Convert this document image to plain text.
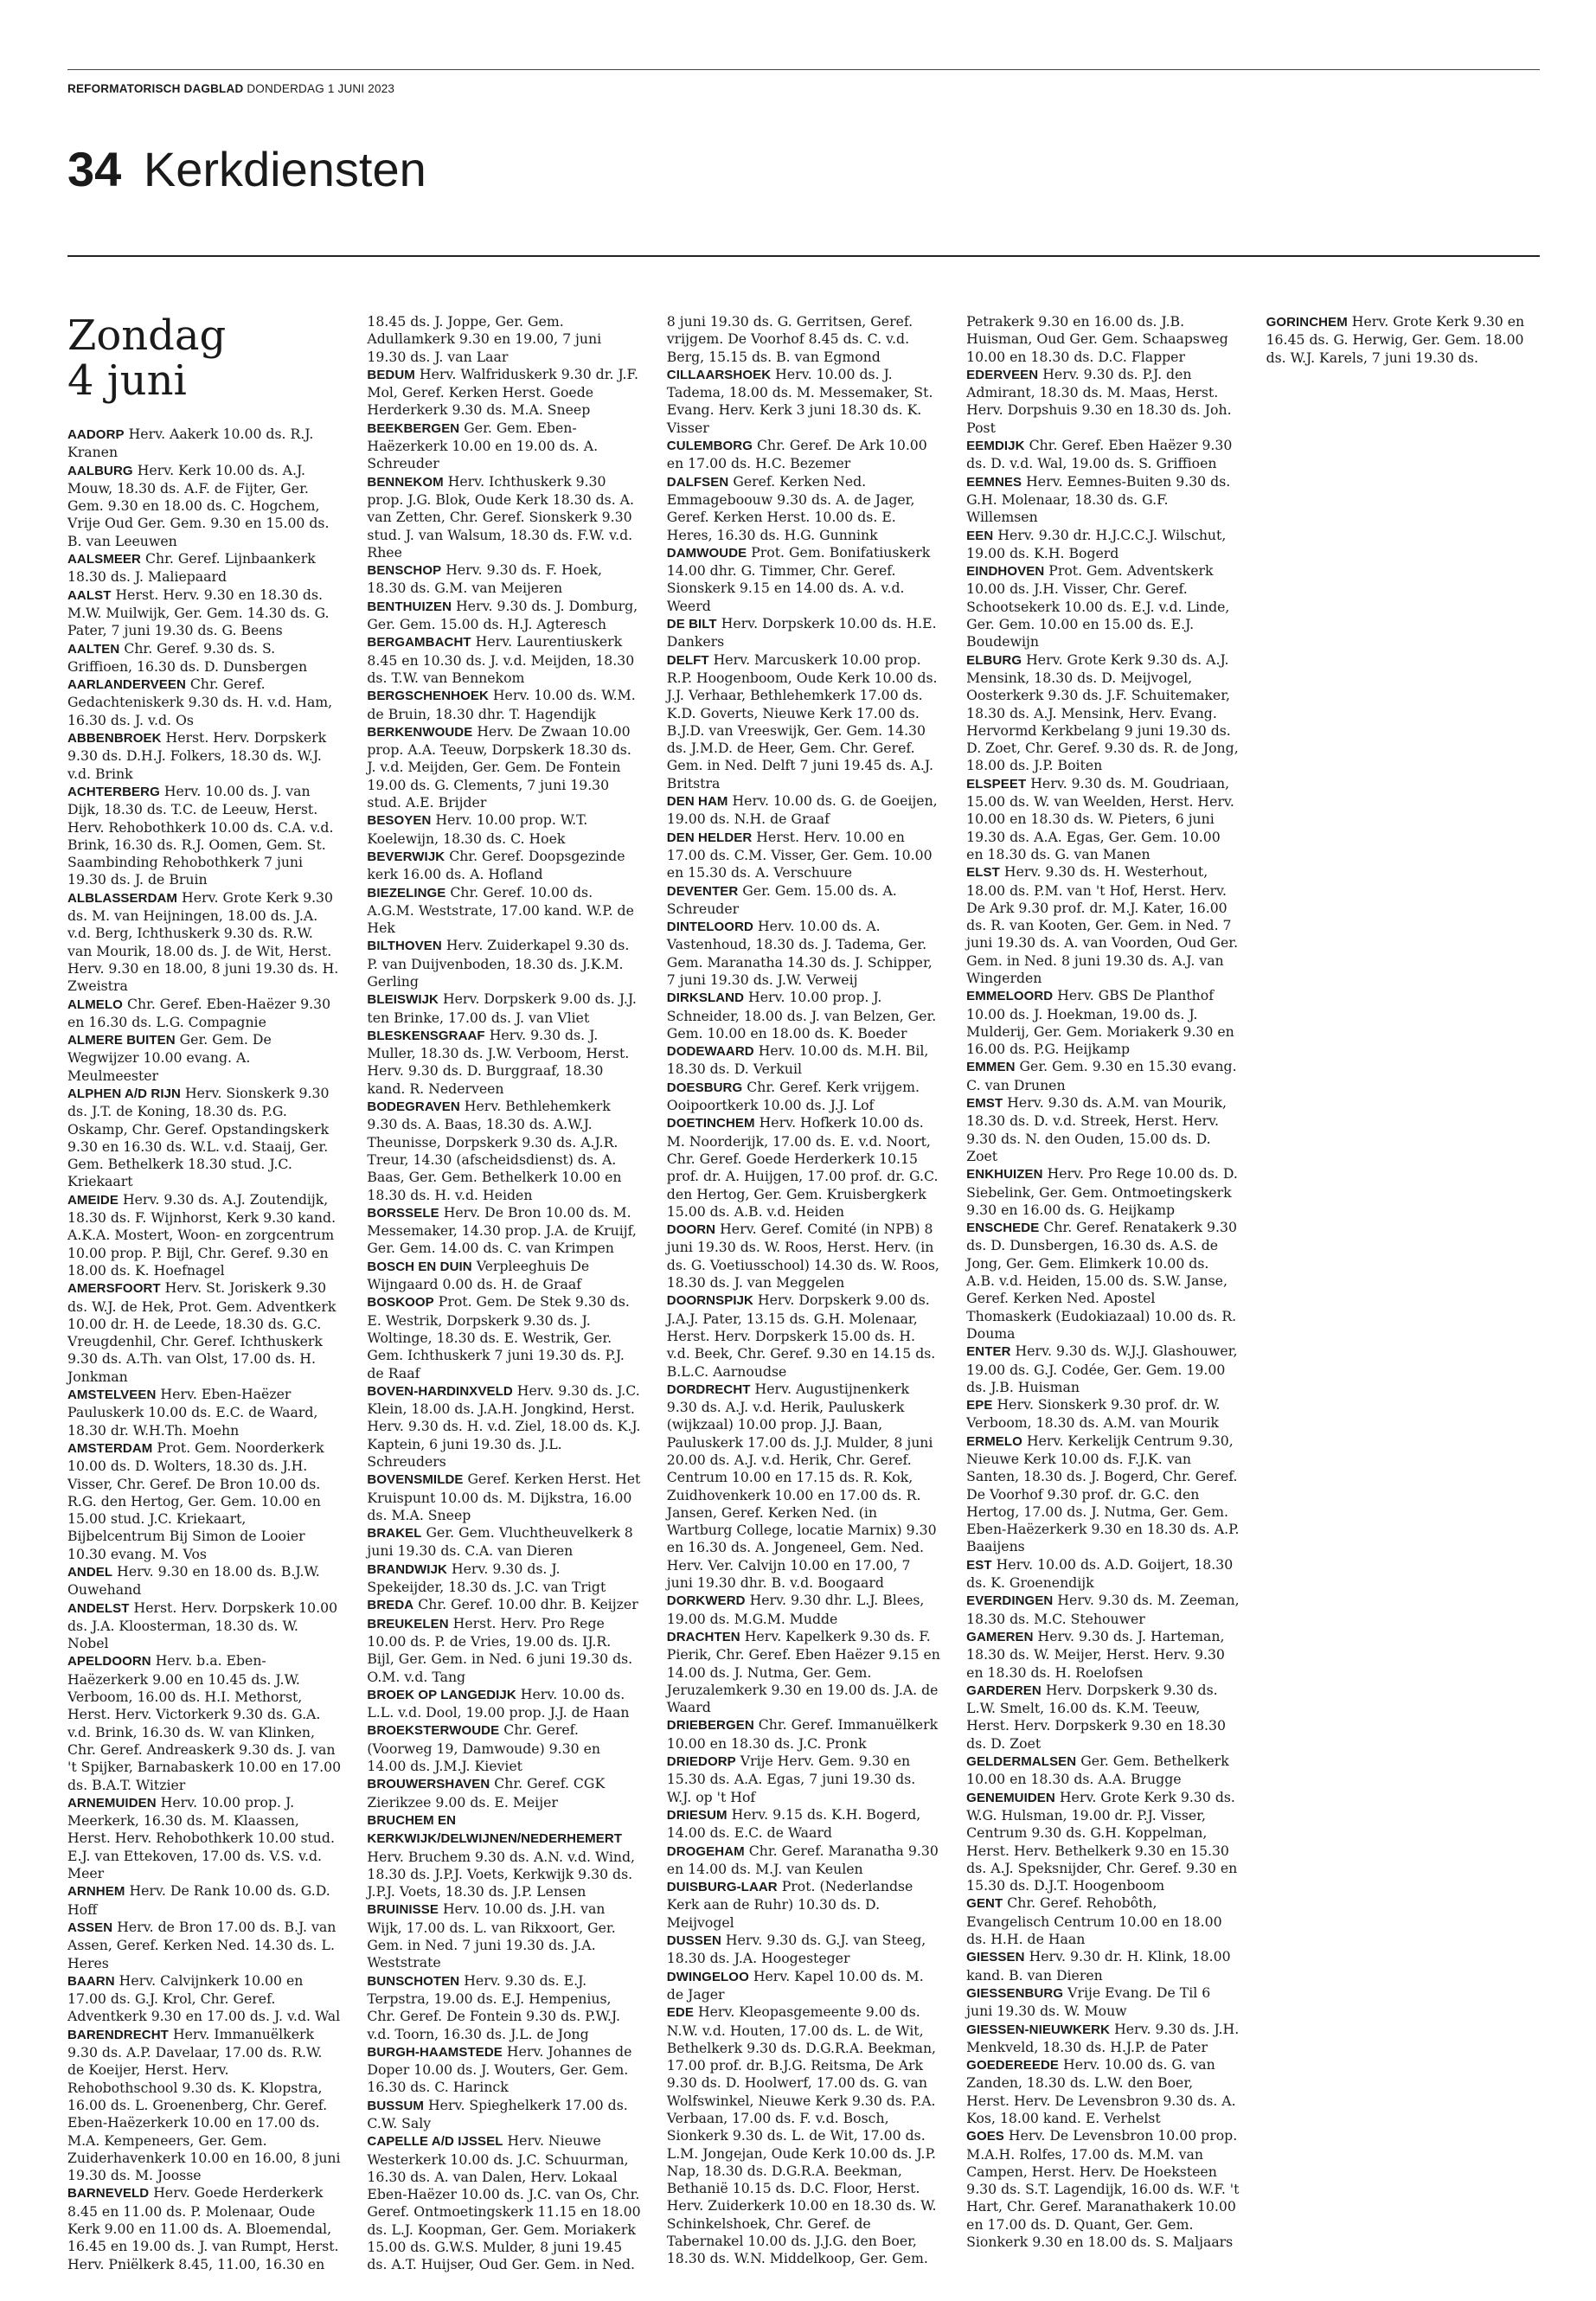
REFORMATORISCH DAGBLAD DONDERDAG 1 JUNI 2023
34 Kerkdiensten
Zondag
4 juni

AADORP Herv. Aakerk 10.00 ds. R.J. Kranen

AALBURG Herv. Kerk 10.00 ds. A.J. Mouw, 18.30 ds. A.F. de Fijter, Ger. Gem. 9.30 en 18.00 ds. C. Hogchem, Vrije Oud Ger. Gem. 9.30 en 15.00 ds. B. van Leeuwen

AALSMEER Chr. Geref. Lijnbaankerk 18.30 ds. J. Maliepaard

AALST Herst. Herv. 9.30 en 18.30 ds. M.W. Muilwijk, Ger. Gem. 14.30 ds. G. Pater, 7 juni 19.30 ds. G. Beens

AALTEN Chr. Geref. 9.30 ds. S. Griffioen, 16.30 ds. D. Dunsbergen

AARLANDERVEEN Chr. Geref. Gedachteniskerk 9.30 ds. H. v.d. Ham, 16.30 ds. J. v.d. Os

ABBENBROEK Herst. Herv. Dorpskerk 9.30 ds. D.H.J. Folkers, 18.30 ds. W.J. v.d. Brink

ACHTERBERG Herv. 10.00 ds. J. van Dijk, 18.30 ds. T.C. de Leeuw, Herst. Herv. Rehobothkerk 10.00 ds. C.A. v.d. Brink, 16.30 ds. R.J. Oomen, Gem. St. Saambinding Rehobothkerk 7 juni 19.30 ds. J. de Bruin

ALBLASSERDAM Herv. Grote Kerk 9.30 ds. M. van Heijningen, 18.00 ds. J.A. v.d. Berg, Ichthuskerk 9.30 ds. R.W. van Mourik, 18.00 ds. J. de Wit, Herst. Herv. 9.30 en 18.00, 8 juni 19.30 ds. H. Zweistra

ALMELO Chr. Geref. Eben-Haëzer 9.30 en 16.30 ds. L.G. Compagnie

ALMERE BUITEN Ger. Gem. De Wegwijzer 10.00 evang. A. Meulmeester

ALPHEN A/D RIJN Herv. Sionskerk 9.30 ds. J.T. de Koning, 18.30 ds. P.G. Oskamp, Chr. Geref. Opstandingskerk 9.30 en 16.30 ds. W.L. v.d. Staaij, Ger. Gem. Bethelkerk 18.30 stud. J.C. Kriekaart

AMEIDE Herv. 9.30 ds. A.J. Zoutendijk, 18.30 ds. F. Wijnhorst, Kerk 9.30 kand. A.K.A. Mostert, Woon- en zorgcentrum 10.00 prop. P. Bijl, Chr. Geref. 9.30 en 18.00 ds. K. Hoefnagel

AMERSFOORT Herv. St. Joriskerk 9.30 ds. W.J. de Hek, Prot. Gem. Adventkerk 10.00 dr. H. de Leede, 18.30 ds. G.C. Vreugdenhil, Chr. Geref. Ichthuskerk 9.30 ds. A.Th. van Olst, 17.00 ds. H. Jonkman

AMSTELVEEN Herv. Eben-Haëzer Pauluskerk 10.00 ds. E.C. de Waard, 18.30 dr. W.H.Th. Moehn

AMSTERDAM Prot. Gem. Noorderkerk 10.00 ds. D. Wolters, 18.30 ds. J.H. Visser, Chr. Geref. De Bron 10.00 ds. R.G. den Hertog, Ger. Gem. 10.00 en 15.00 stud. J.C. Kriekaart, Bijbelcentrum Bij Simon de Looier 10.30 evang. M. Vos

ANDEL Herv. 9.30 en 18.00 ds. B.J.W. Ouwehand

ANDELST Herst. Herv. Dorpskerk 10.00 ds. J.A. Kloosterman, 18.30 ds. W. Nobel

APELDOORN Herv. b.a. Eben-Haëzerkerk 9.00 en 10.45 ds. J.W. Verboom, 16.00 ds. H.I. Methorst, Herst. Herv. Victorkerk 9.30 ds. G.A. v.d. Brink, 16.30 ds. W. van Klinken, Chr. Geref. Andreaskerk 9.30 ds. J. van 't Spijker, Barnabaskerk 10.00 en 17.00 ds. B.A.T. Witzier

ARNEMUIDEN Herv. 10.00 prop. J. Meerkerk, 16.30 ds. M. Klaassen, Herst. Herv. Rehobothkerk 10.00 stud. E.J. van Ettekoven, 17.00 ds. V.S. v.d. Meer

ARNHEM Herv. De Rank 10.00 ds. G.D. Hoff

ASSEN Herv. de Bron 17.00 ds. B.J. van Assen, Geref. Kerken Ned. 14.30 ds. L. Heres

BAARN Herv. Calvijnkerk 10.00 en 17.00 ds. G.J. Krol, Chr. Geref. Adventkerk 9.30 en 17.00 ds. J. v.d. Wal

BARENDRECHT Herv. Immanuëlkerk 9.30 ds. A.P. Davelaar, 17.00 ds. R.W. de Koeijer, Herst. Herv. Rehobothschool 9.30 ds. K. Klopstra, 16.00 ds. L. Groenenberg, Chr. Geref. Eben-Haëzerkerk 10.00 en 17.00 ds. M.A. Kempeneers, Ger. Gem. Zuiderhavenkerk 10.00 en 16.00, 8 juni 19.30 ds. M. Joosse

BARNEVELD Herv. Goede Herderkerk 8.45 en 11.00 ds. P. Molenaar, Oude Kerk 9.00 en 11.00 ds. A. Bloemendal, 16.45 en 19.00 ds. J. van Rumpt, Herst. Herv. Pniëlkerk 8.45, 11.00, 16.30 en 18.45 ds. J. Joppe, Ger. Gem. Adullamkerk 9.30 en 19.00, 7 juni 19.30 ds. J. van Laar

BEDUM Herv. Walfriduskerk 9.30 dr. J.F. Mol, Geref. Kerken Herst. Goede Herderkerk 9.30 ds. M.A. Sneep

BEEKBERGEN Ger. Gem. Eben-Haëzerkerk 10.00 en 19.00 ds. A. Schreuder

BENNEKOM Herv. Ichthuskerk 9.30 prop. J.G. Blok, Oude Kerk 18.30 ds. A. van Zetten, Chr. Geref. Sionskerk 9.30 stud. J. van Walsum, 18.30 ds. F.W. v.d. Rhee

BENSCHOP Herv. 9.30 ds. F. Hoek, 18.30 ds. G.M. van Meijeren

BENTHUIZEN Herv. 9.30 ds. J. Domburg, Ger. Gem. 15.00 ds. H.J. Agteresch

BERGAMBACHT Herv. Laurentiuskerk 8.45 en 10.30 ds. J. v.d. Meijden, 18.30 ds. T.W. van Bennekom

BERGSCHENHOEK Herv. 10.00 ds. W.M. de Bruin, 18.30 dhr. T. Hagendijk

BERKENWOUDE Herv. De Zwaan 10.00 prop. A.A. Teeuw, Dorpskerk 18.30 ds. J. v.d. Meijden, Ger. Gem. De Fontein 19.00 ds. G. Clements, 7 juni 19.30 stud. A.E. Brijder

BESOYEN Herv. 10.00 prop. W.T. Koelewijn, 18.30 ds. C. Hoek

BEVERWIJK Chr. Geref. Doopsgezinde kerk 16.00 ds. A. Hofland

BIEZELINGE Chr. Geref. 10.00 ds. A.G.M. Weststrate, 17.00 kand. W.P. de Hek

BILTHOVEN Herv. Zuiderkapel 9.30 ds. P. van Duijvenboden, 18.30 ds. J.K.M. Gerling

BLEISWIJK Herv. Dorpskerk 9.00 ds. J.J. ten Brinke, 17.00 ds. J. van Vliet

BLESKENSGRAAF Herv. 9.30 ds. J. Muller, 18.30 ds. J.W. Verboom, Herst. Herv. 9.30 ds. D. Burggraaf, 18.30 kand. R. Nederveen

BODEGRAVEN Herv. Bethlehemkerk 9.30 ds. A. Baas, 18.30 ds. A.W.J. Theunisse, Dorpskerk 9.30 ds. A.J.R. Treur, 14.30 (afscheidsdienst) ds. A. Baas, Ger. Gem. Bethelkerk 10.00 en 18.30 ds. H. v.d. Heiden

BORSSELE Herv. De Bron 10.00 ds. M. Messemaker, 14.30 prop. J.A. de Kruijf, Ger. Gem. 14.00 ds. C. van Krimpen

BOSCH EN DUIN Verpleeghuis De Wijngaard 0.00 ds. H. de Graaf

BOSKOOP Prot. Gem. De Stek 9.30 ds. E. Westrik, Dorpskerk 9.30 ds. J. Woltinge, 18.30 ds. E. Westrik, Ger. Gem. Ichthuskerk 7 juni 19.30 ds. P.J. de Raaf

BOVEN-HARDINXVELD Herv. 9.30 ds. J.C. Klein, 18.00 ds. J.A.H. Jongkind, Herst. Herv. 9.30 ds. H. v.d. Ziel, 18.00 ds. K.J. Kaptein, 6 juni 19.30 ds. J.L. Schreuders

BOVENSMILDE Geref. Kerken Herst. Het Kruispunt 10.00 ds. M. Dijkstra, 16.00 ds. M.A. Sneep

BRAKEL Ger. Gem. Vluchtheuvelkerk 8 juni 19.30 ds. C.A. van Dieren

BRANDWIJK Herv. 9.30 ds. J. Spekeijder, 18.30 ds. J.C. van Trigt

BREDA Chr. Geref. 10.00 dhr. B. Keijzer

BREUKELEN Herst. Herv. Pro Rege 10.00 ds. P. de Vries, 19.00 ds. IJ.R. Bijl, Ger. Gem. in Ned. 6 juni 19.30 ds. O.M. v.d. Tang

BROEK OP LANGEDIJK Herv. 10.00 ds. L.L. v.d. Dool, 19.00 prop. J.J. de Haan

BROEKSTERWOUDE Chr. Geref. (Voorweg 19, Damwoude) 9.30 en 14.00 ds. J.M.J. Kieviet

BROUWERSHAVEN Chr. Geref. CGK Zierikzee 9.00 ds. E. Meijer

BRUCHEM EN KERKWIJK/DELWIJNEN/NEDERHEMERT Herv. Bruchem 9.30 ds. A.N. v.d. Wind, 18.30 ds. J.P.J. Voets, Kerkwijk 9.30 ds. J.P.J. Voets, 18.30 ds. J.P. Lensen

BRUINISSE Herv. 10.00 ds. J.H. van Wijk, 17.00 ds. L. van Rikxoort, Ger. Gem. in Ned. 7 juni 19.30 ds. J.A. Weststrate

BUNSCHOTEN Herv. 9.30 ds. E.J. Terpstra, 19.00 ds. E.J. Hempenius, Chr. Geref. De Fontein 9.30 ds. P.W.J. v.d. Toorn, 16.30 ds. J.L. de Jong

BURGH-HAAMSTEDE Herv. Johannes de Doper 10.00 ds. J. Wouters, Ger. Gem. 16.30 ds. C. Harinck

BUSSUM Herv. Spieghelkerk 17.00 ds. C.W. Saly

CAPELLE A/D IJSSEL Herv. Nieuwe Westerkerk 10.00 ds. J.C. Schuurman, 16.30 ds. A. van Dalen, Herv. Lokaal Eben-Haëzer 10.00 ds. J.C. van Os, Chr. Geref. Ontmoetingskerk 11.15 en 18.00 ds. L.J. Koopman, Ger. Gem. Moriakerk 15.00 ds. G.W.S. Mulder, 8 juni 19.45 ds. A.T. Huijser, Oud Ger. Gem. in Ned. 8 juni 19.30 ds. G. Gerritsen, Geref. vrijgem. De Voorhof 8.45 ds. C. v.d. Berg, 15.15 ds. B. van Egmond

CILLAARSHOEK Herv. 10.00 ds. J. Tadema, 18.00 ds. M. Messemaker, St. Evang. Herv. Kerk 3 juni 18.30 ds. K. Visser

CULEMBORG Chr. Geref. De Ark 10.00 en 17.00 ds. H.C. Bezemer

DALFSEN Geref. Kerken Ned. Emmageboouw 9.30 ds. A. de Jager, Geref. Kerken Herst. 10.00 ds. E. Heres, 16.30 ds. H.G. Gunnink

DAMWOUDE Prot. Gem. Bonifatiuskerk 14.00 dhr. G. Timmer, Chr. Geref. Sionskerk 9.15 en 14.00 ds. A. v.d. Weerd

DE BILT Herv. Dorpskerk 10.00 ds. H.E. Dankers

DELFT Herv. Marcuskerk 10.00 prop. R.P. Hoogenboom, Oude Kerk 10.00 ds. J.J. Verhaar, Bethlehemkerk 17.00 ds. K.D. Goverts, Nieuwe Kerk 17.00 ds. B.J.D. van Vreeswijk, Ger. Gem. 14.30 ds. J.M.D. de Heer, Gem. Chr. Geref. Gem. in Ned. Delft 7 juni 19.45 ds. A.J. Britstra

DEN HAM Herv. 10.00 ds. G. de Goeijen, 19.00 ds. N.H. de Graaf

DEN HELDER Herst. Herv. 10.00 en 17.00 ds. C.M. Visser, Ger. Gem. 10.00 en 15.30 ds. A. Verschuure

DEVENTER Ger. Gem. 15.00 ds. A. Schreuder

DINTELOORD Herv. 10.00 ds. A. Vastenhoud, 18.30 ds. J. Tadema, Ger. Gem. Maranatha 14.30 ds. J. Schipper, 7 juni 19.30 ds. J.W. Verweij

DIRKSLAND Herv. 10.00 prop. J. Schneider, 18.00 ds. J. van Belzen, Ger. Gem. 10.00 en 18.00 ds. K. Boeder

DODEWAARD Herv. 10.00 ds. M.H. Bil, 18.30 ds. D. Verkuil

DOESBURG Chr. Geref. Kerk vrijgem. Ooipoortkerk 10.00 ds. J.J. Lof

DOETINCHEM Herv. Hofkerk 10.00 ds. M. Noorderijk, 17.00 ds. E. v.d. Noort, Chr. Geref. Goede Herderkerk 10.15 prof. dr. A. Huijgen, 17.00 prof. dr. G.C. den Hertog, Ger. Gem. Kruisbergkerk 15.00 ds. A.B. v.d. Heiden

DOORN Herv. Geref. Comité (in NPB) 8 juni 19.30 ds. W. Roos, Herst. Herv. (in ds. G. Voetiusschool) 14.30 ds. W. Roos, 18.30 ds. J. van Meggelen

DOORNSPIJK Herv. Dorpskerk 9.00 ds. J.A.J. Pater, 13.15 ds. G.H. Molenaar, Herst. Herv. Dorpskerk 15.00 ds. H. v.d. Beek, Chr. Geref. 9.30 en 14.15 ds. B.L.C. Aarnoudse

DORDRECHT Herv. Augustijnenkerk 9.30 ds. A.J. v.d. Herik, Pauluskerk (wijkzaal) 10.00 prop. J.J. Baan, Pauluskerk 17.00 ds. J.J. Mulder, 8 juni 20.00 ds. A.J. v.d. Herik, Chr. Geref. Centrum 10.00 en 17.15 ds. R. Kok, Zuidhovenkerk 10.00 en 17.00 ds. R. Jansen, Geref. Kerken Ned. (in Wartburg College, locatie Marnix) 9.30 en 16.30 ds. A. Jongeneel, Gem. Ned. Herv. Ver. Calvijn 10.00 en 17.00, 7 juni 19.30 dhr. B. v.d. Boogaard

DORKWERD Herv. 9.30 dhr. L.J. Blees, 19.00 ds. M.G.M. Mudde

DRACHTEN Herv. Kapelkerk 9.30 ds. F. Pierik, Chr. Geref. Eben Haëzer 9.15 en 14.00 ds. J. Nutma, Ger. Gem. Jeruzalemkerk 9.30 en 19.00 ds. J.A. de Waard

DRIEBERGEN Chr. Geref. Immanuëlkerk 10.00 en 18.30 ds. J.C. Pronk

DRIEDORP Vrije Herv. Gem. 9.30 en 15.30 ds. A.A. Egas, 7 juni 19.30 ds. W.J. op 't Hof

DRIESUM Herv. 9.15 ds. K.H. Bogerd, 14.00 ds. E.C. de Waard

DROGEHAM Chr. Geref. Maranatha 9.30 en 14.00 ds. M.J. van Keulen

DUISBURG-LAAR Prot. (Nederlandse Kerk aan de Ruhr) 10.30 ds. D. Meijvogel

DUSSEN Herv. 9.30 ds. G.J. van Steeg, 18.30 ds. J.A. Hoogesteger

DWINGELOO Herv. Kapel 10.00 ds. M. de Jager

EDE Herv. Kleopasgemeente 9.00 ds. N.W. v.d. Houten, 17.00 ds. L. de Wit, Bethelkerk 9.30 ds. D.G.R.A. Beekman, 17.00 prof. dr. B.J.G. Reitsma, De Ark 9.30 ds. D. Hoolwerf, 17.00 ds. G. van Wolfswinkel, Nieuwe Kerk 9.30 ds. P.A. Verbaan, 17.00 ds. F. v.d. Bosch, Sionkerk 9.30 ds. L. de Wit, 17.00 ds. L.M. Jongejan, Oude Kerk 10.00 ds. J.P. Nap, 18.30 ds. D.G.R.A. Beekman, Bethanië 10.15 ds. D.C. Floor, Herst. Herv. Zuiderkerk 10.00 en 18.30 ds. W. Schinkelshoek, Chr. Geref. de Tabernakel 10.00 ds. J.J.G. den Boer, 18.30 ds. W.N. Middelkoop, Ger. Gem. Petrakerk 9.30 en 16.00 ds. J.B. Huisman, Oud Ger. Gem. Schaapsweg 10.00 en 18.30 ds. D.C. Flapper

EDERVEEN Herv. 9.30 ds. P.J. den Admirant, 18.30 ds. M. Maas, Herst. Herv. Dorpshuis 9.30 en 18.30 ds. Joh. Post

EEMDIJK Chr. Geref. Eben Haëzer 9.30 ds. D. v.d. Wal, 19.00 ds. S. Griffioen

EEMNES Herv. Eemnes-Buiten 9.30 ds. G.H. Molenaar, 18.30 ds. G.F. Willemsen

EEN Herv. 9.30 dr. H.J.C.C.J. Wilschut, 19.00 ds. K.H. Bogerd

EINDHOVEN Prot. Gem. Adventskerk 10.00 ds. J.H. Visser, Chr. Geref. Schootsekerk 10.00 ds. E.J. v.d. Linde, Ger. Gem. 10.00 en 15.00 ds. E.J. Boudewijn

ELBURG Herv. Grote Kerk 9.30 ds. A.J. Mensink, 18.30 ds. D. Meijvogel, Oosterkerk 9.30 ds. J.F. Schuitemaker, 18.30 ds. A.J. Mensink, Herv. Evang. Hervormd Kerkbelang 9 juni 19.30 ds. D. Zoet, Chr. Geref. 9.30 ds. R. de Jong, 18.00 ds. J.P. Boiten

ELSPEET Herv. 9.30 ds. M. Goudriaan, 15.00 ds. W. van Weelden, Herst. Herv. 10.00 en 18.30 ds. W. Pieters, 6 juni 19.30 ds. A.A. Egas, Ger. Gem. 10.00 en 18.30 ds. G. van Manen

ELST Herv. 9.30 ds. H. Westerhout, 18.00 ds. P.M. van 't Hof, Herst. Herv. De Ark 9.30 prof. dr. M.J. Kater, 16.00 ds. R. van Kooten, Ger. Gem. in Ned. 7 juni 19.30 ds. A. van Voorden, Oud Ger. Gem. in Ned. 8 juni 19.30 ds. A.J. van Wingerden

EMMELOORD Herv. GBS De Planthof 10.00 ds. J. Hoekman, 19.00 ds. J. Mulderij, Ger. Gem. Moriakerk 9.30 en 16.00 ds. P.G. Heijkamp

EMMEN Ger. Gem. 9.30 en 15.30 evang. C. van Drunen

EMST Herv. 9.30 ds. A.M. van Mourik, 18.30 ds. D. v.d. Streek, Herst. Herv. 9.30 ds. N. den Ouden, 15.00 ds. D. Zoet

ENKHUIZEN Herv. Pro Rege 10.00 ds. D. Siebelink, Ger. Gem. Ontmoetingskerk 9.30 en 16.00 ds. G. Heijkamp

ENSCHEDE Chr. Geref. Renatakerk 9.30 ds. D. Dunsbergen, 16.30 ds. A.S. de Jong, Ger. Gem. Elimkerk 10.00 ds. A.B. v.d. Heiden, 15.00 ds. S.W. Janse, Geref. Kerken Ned. Apostel Thomaskerk (Eudokiazaal) 10.00 ds. R. Douma

ENTER Herv. 9.30 ds. W.J.J. Glashouwer, 19.00 ds. G.J. Codée, Ger. Gem. 19.00 ds. J.B. Huisman

EPE Herv. Sionskerk 9.30 prof. dr. W. Verboom, 18.30 ds. A.M. van Mourik

ERMELO Herv. Kerkelijk Centrum 9.30, Nieuwe Kerk 10.00 ds. F.J.K. van Santen, 18.30 ds. J. Bogerd, Chr. Geref. De Voorhof 9.30 prof. dr. G.C. den Hertog, 17.00 ds. J. Nutma, Ger. Gem. Eben-Haëzerkerk 9.30 en 18.30 ds. A.P. Baaijens

EST Herv. 10.00 ds. A.D. Goijert, 18.30 ds. K. Groenendijk

EVERDINGEN Herv. 9.30 ds. M. Zeeman, 18.30 ds. M.C. Stehouwer

GAMEREN Herv. 9.30 ds. J. Harteman, 18.30 ds. W. Meijer, Herst. Herv. 9.30 en 18.30 ds. H. Roelofsen

GARDEREN Herv. Dorpskerk 9.30 ds. L.W. Smelt, 16.00 ds. K.M. Teeuw, Herst. Herv. Dorpskerk 9.30 en 18.30 ds. D. Zoet

GELDERMALSEN Ger. Gem. Bethelkerk 10.00 en 18.30 ds. A.A. Brugge

GENEMUIDEN Herv. Grote Kerk 9.30 ds. W.G. Hulsman, 19.00 dr. P.J. Visser, Centrum 9.30 ds. G.H. Koppelman, Herst. Herv. Bethelkerk 9.30 en 15.30 ds. A.J. Speksnijder, Chr. Geref. 9.30 en 15.30 ds. D.J.T. Hoogenboom

GENT Chr. Geref. Rehobôth, Evangelisch Centrum 10.00 en 18.00 ds. H.H. de Haan

GIESSEN Herv. 9.30 dr. H. Klink, 18.00 kand. B. van Dieren

GIESSENBURG Vrije Evang. De Til 6 juni 19.30 ds. W. Mouw

GIESSEN-NIEUWKERK Herv. 9.30 ds. J.H. Menkveld, 18.30 ds. H.J.P. de Pater

GOEDEREEDE Herv. 10.00 ds. G. van Zanden, 18.30 ds. L.W. den Boer, Herst. Herv. De Levensbron 9.30 ds. A. Kos, 18.00 kand. E. Verhelst

GOES Herv. De Levensbron 10.00 prop. M.A.H. Rolfes, 17.00 ds. M.M. van Campen, Herst. Herv. De Hoeksteen 9.30 ds. S.T. Lagendijk, 16.00 ds. W.F. 't Hart, Chr. Geref. Maranathakerk 10.00 en 17.00 ds. D. Quant, Ger. Gem. Sionkerk 9.30 en 18.00 ds. S. Maljaars

GORINCHEM Herv. Grote Kerk 9.30 en 16.45 ds. G. Herwig, Ger. Gem. 18.00 ds. W.J. Karels, 7 juni 19.30 ds.
